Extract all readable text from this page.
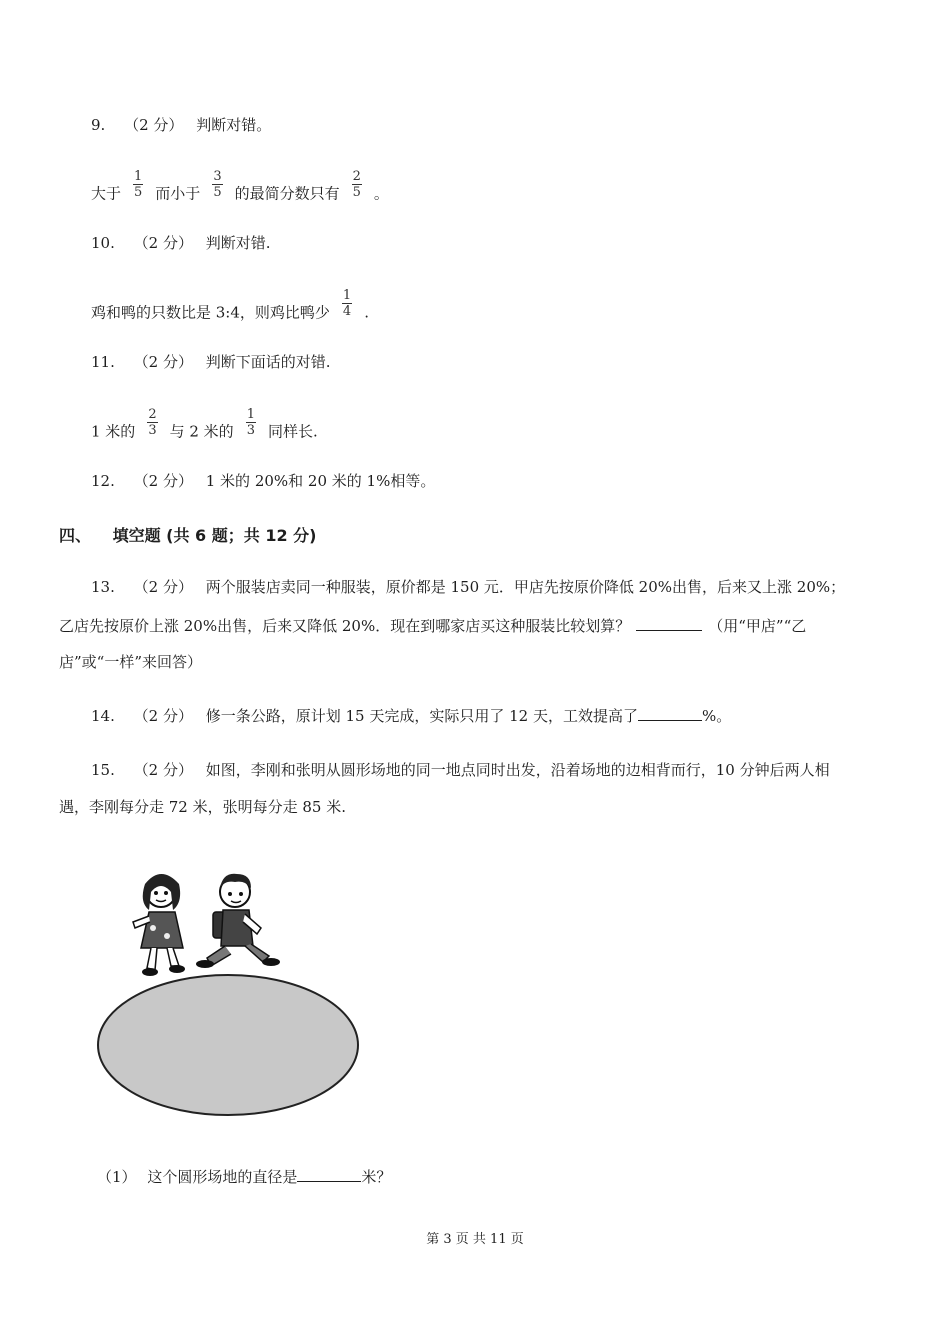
9. （2 分） 判断对错。
大于 $\frac{1}{5}$ 而小于 $\frac{3}{5}$ 的最简分数只有 $\frac{2}{5}$ 。
10. （2 分） 判断对错.
鸡和鸭的只数比是 3:4，则鸡比鸭少 $\frac{1}{4}$ .
11. （2 分） 判断下面话的对错.
1 米的 $\frac{2}{3}$ 与 2 米的 $\frac{1}{3}$ 同样长.
12. （2 分） 1 米的 20%和 20 米的 1%相等。
四、 填空题 (共 6 题；共 12 分)
13. （2 分） 两个服装店卖同一种服装，原价都是 150 元．甲店先按原价降低 20%出售，后来又上涨 20%；
乙店先按原价上涨 20%出售，后来又降低 20%．现在到哪家店买这种服装比较划算？	（用“甲店”“乙
店”或“一样”来回答）
14. （2 分） 修一条公路，原计划 15 天完成，实际只用了 12 天，工效提高了	%。
15. （2 分） 如图，李刚和张明从圆形场地的同一地点同时出发，沿着场地的边相背而行，10 分钟后两人相
遇，李刚每分走 72 米，张明每分走 85 米.
（1） 这个圆形场地的直径是	米？
第 3 页 共 11 页
